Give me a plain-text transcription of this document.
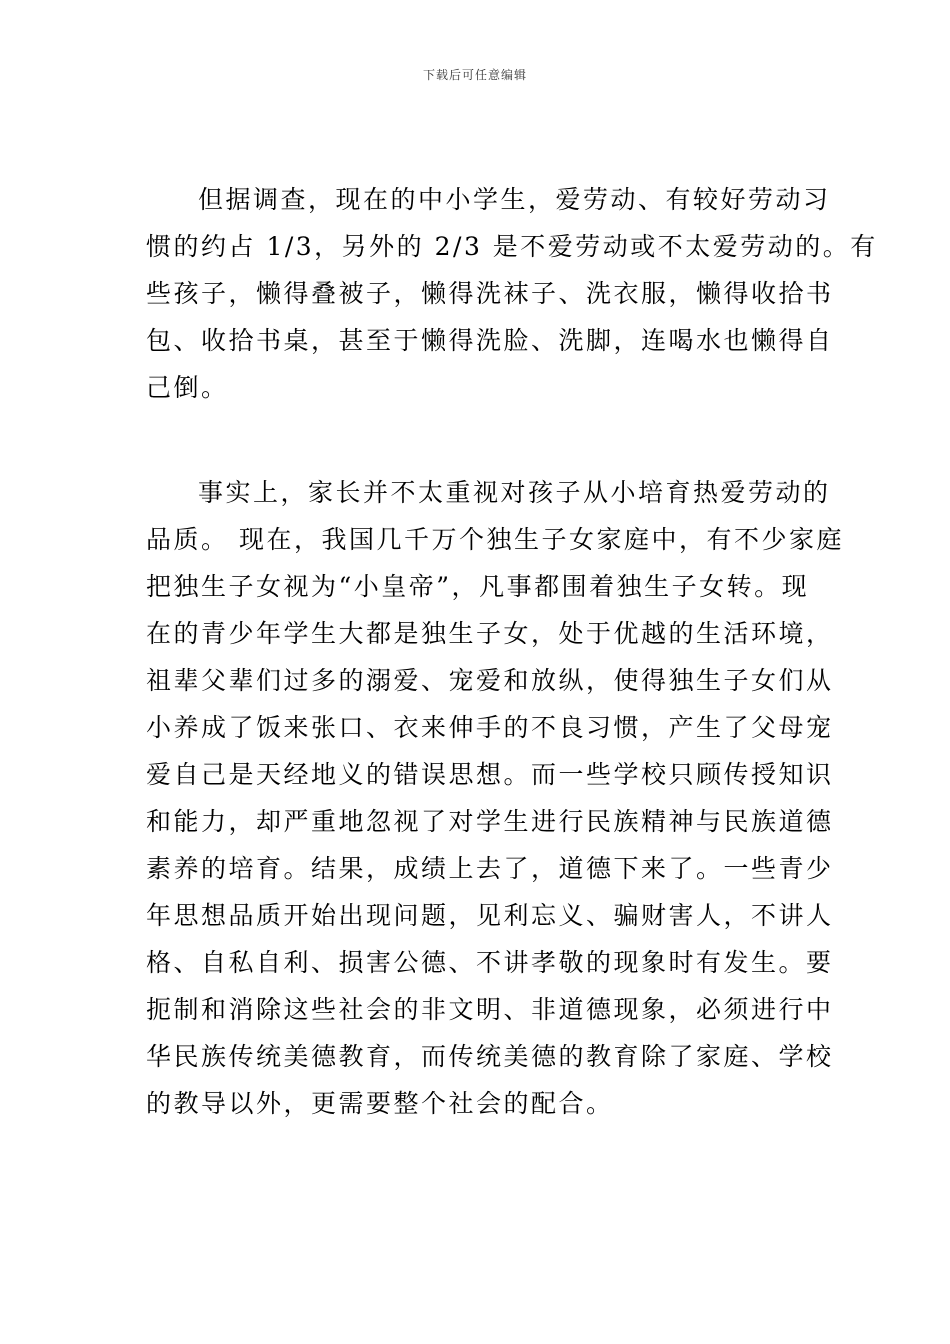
下载后可任意编辑
但据调查，现在的中小学生，爱劳动、有较好劳动习
惯的约占 1/3，另外的 2/3 是不爱劳动或不太爱劳动的。有
些孩子，懒得叠被子，懒得洗袜子、洗衣服，懒得收拾书
包、收拾书桌，甚至于懒得洗脸、洗脚，连喝水也懒得自
己倒。
事实上，家长并不太重视对孩子从小培育热爱劳动的
品质。 现在，我国几千万个独生子女家庭中，有不少家庭
把独生子女视为“小皇帝”，凡事都围着独生子女转。现
在的青少年学生大都是独生子女，处于优越的生活环境，
祖辈父辈们过多的溺爱、宠爱和放纵，使得独生子女们从
小养成了饭来张口、衣来伸手的不良习惯，产生了父母宠
爱自己是天经地义的错误思想。而一些学校只顾传授知识
和能力，却严重地忽视了对学生进行民族精神与民族道德
素养的培育。结果，成绩上去了，道德下来了。一些青少
年思想品质开始出现问题，见利忘义、骗财害人，不讲人
格、自私自利、损害公德、不讲孝敬的现象时有发生。要
扼制和消除这些社会的非文明、非道德现象，必须进行中
华民族传统美德教育，而传统美德的教育除了家庭、学校
的教导以外，更需要整个社会的配合。
